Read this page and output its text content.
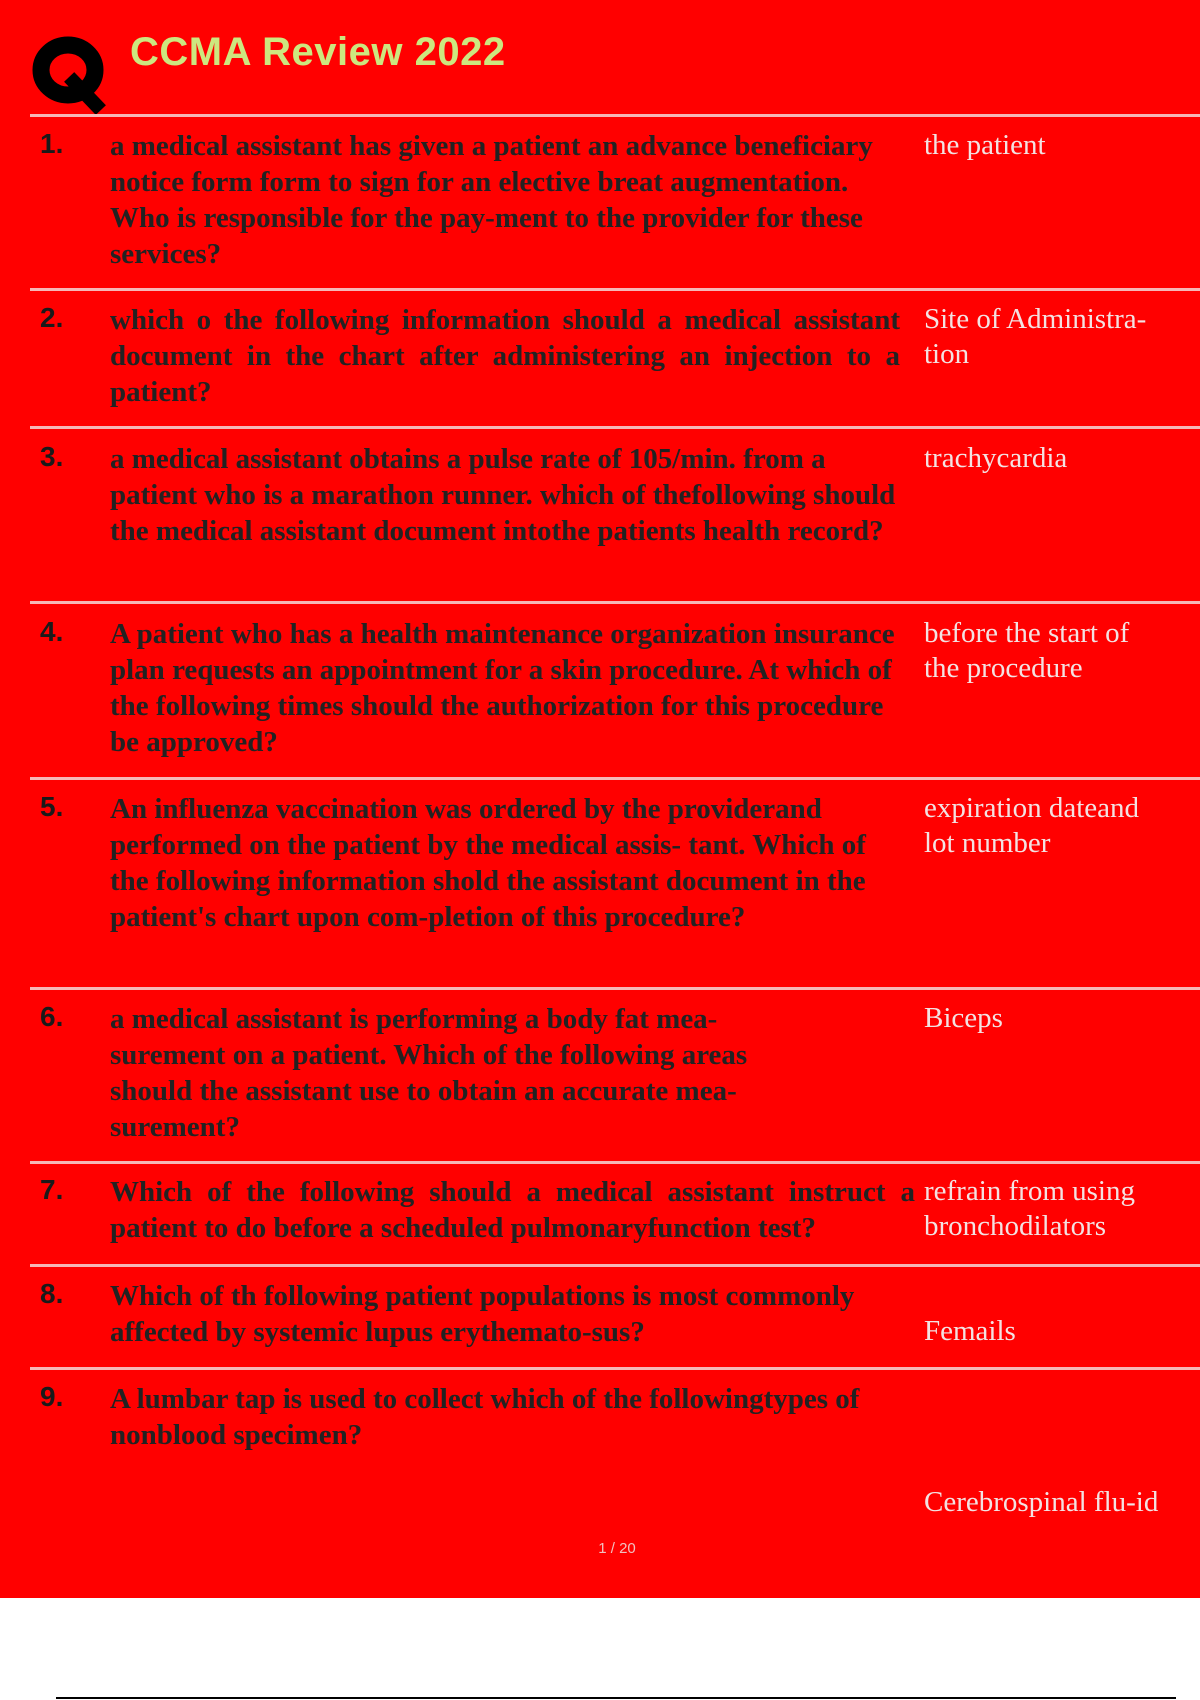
CCMA Review 2022
1. a medical assistant has given a patient an advance beneficiary notice form form to sign for an elective breat augmentation. Who is responsible for the pay-ment to the provider for these services?
the patient
2. which o the following information should a medical assistant document in the chart after administering an injection to a patient?
Site of Administra-tion
3. a medical assistant obtains a pulse rate of 105/min. from a patient who is a marathon runner. which of thefollowing should the medical assistant document intothe patients health record?
trachycardia
4. A patient who has a health maintenance organization insurance plan requests an appointment for a skin procedure. At which of the following times should the authorization for this procedure be approved?
before the start of the procedure
5. An influenza vaccination was ordered by the providerand performed on the patient by the medical assis- tant. Which of the following information shold the assistant document in the patient's chart upon com-pletion of this procedure?
expiration dateand lot number
6. a medical assistant is performing a body fat mea-surement on a patient. Which of the following areas should the assistant use to obtain an accurate mea-surement?
Biceps
7. Which of the following should a medical assistant instruct a patient to do before a scheduled pulmonaryfunction test?
refrain from using bronchodilators
8. Which of th following patient populations is most commonly affected by systemic lupus erythemato-sus?	Femails
9. A lumbar tap is used to collect which of the followingtypes of nonblood specimen?
Cerebrospinal flu-id
1 / 20
